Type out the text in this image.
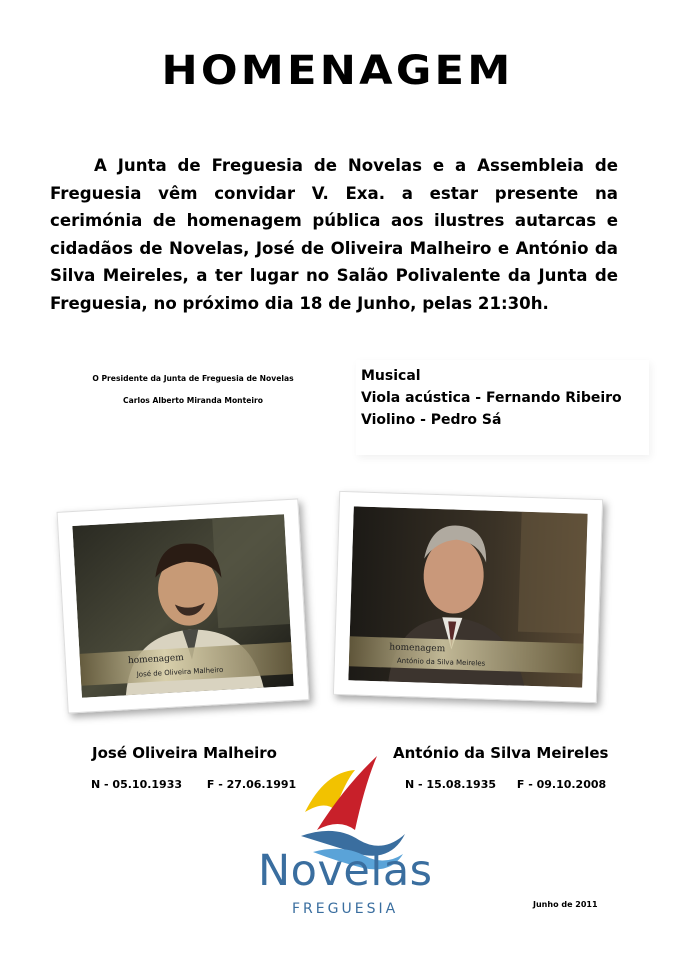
HOMENAGEM

A Junta de Freguesia de Novelas e a Assembleia de Freguesia vêm convidar V. Exa. a estar presente na cerimónia de homenagem pública aos ilustres autarcas e cidadãos de Novelas, José de Oliveira Malheiro e António da Silva Meireles, a ter lugar no Salão Polivalente da Junta de Freguesia, no próximo dia 18 de Junho, pelas 21:30h.

O Presidente da Junta de Freguesia de Novelas
Carlos Alberto Miranda Monteiro
Musical
Viola acústica - Fernando Ribeiro
Violino - Pedro Sá
homenagem
José de Oliveira Malheiro
homenagem
António da Silva Meireles
José Oliveira Malheiro
N - 05.10.1933 F - 27.06.1991
António da Silva Meireles
N - 15.08.1935 F - 09.10.2008
Novelas
FREGUESIA	Junho de 2011
